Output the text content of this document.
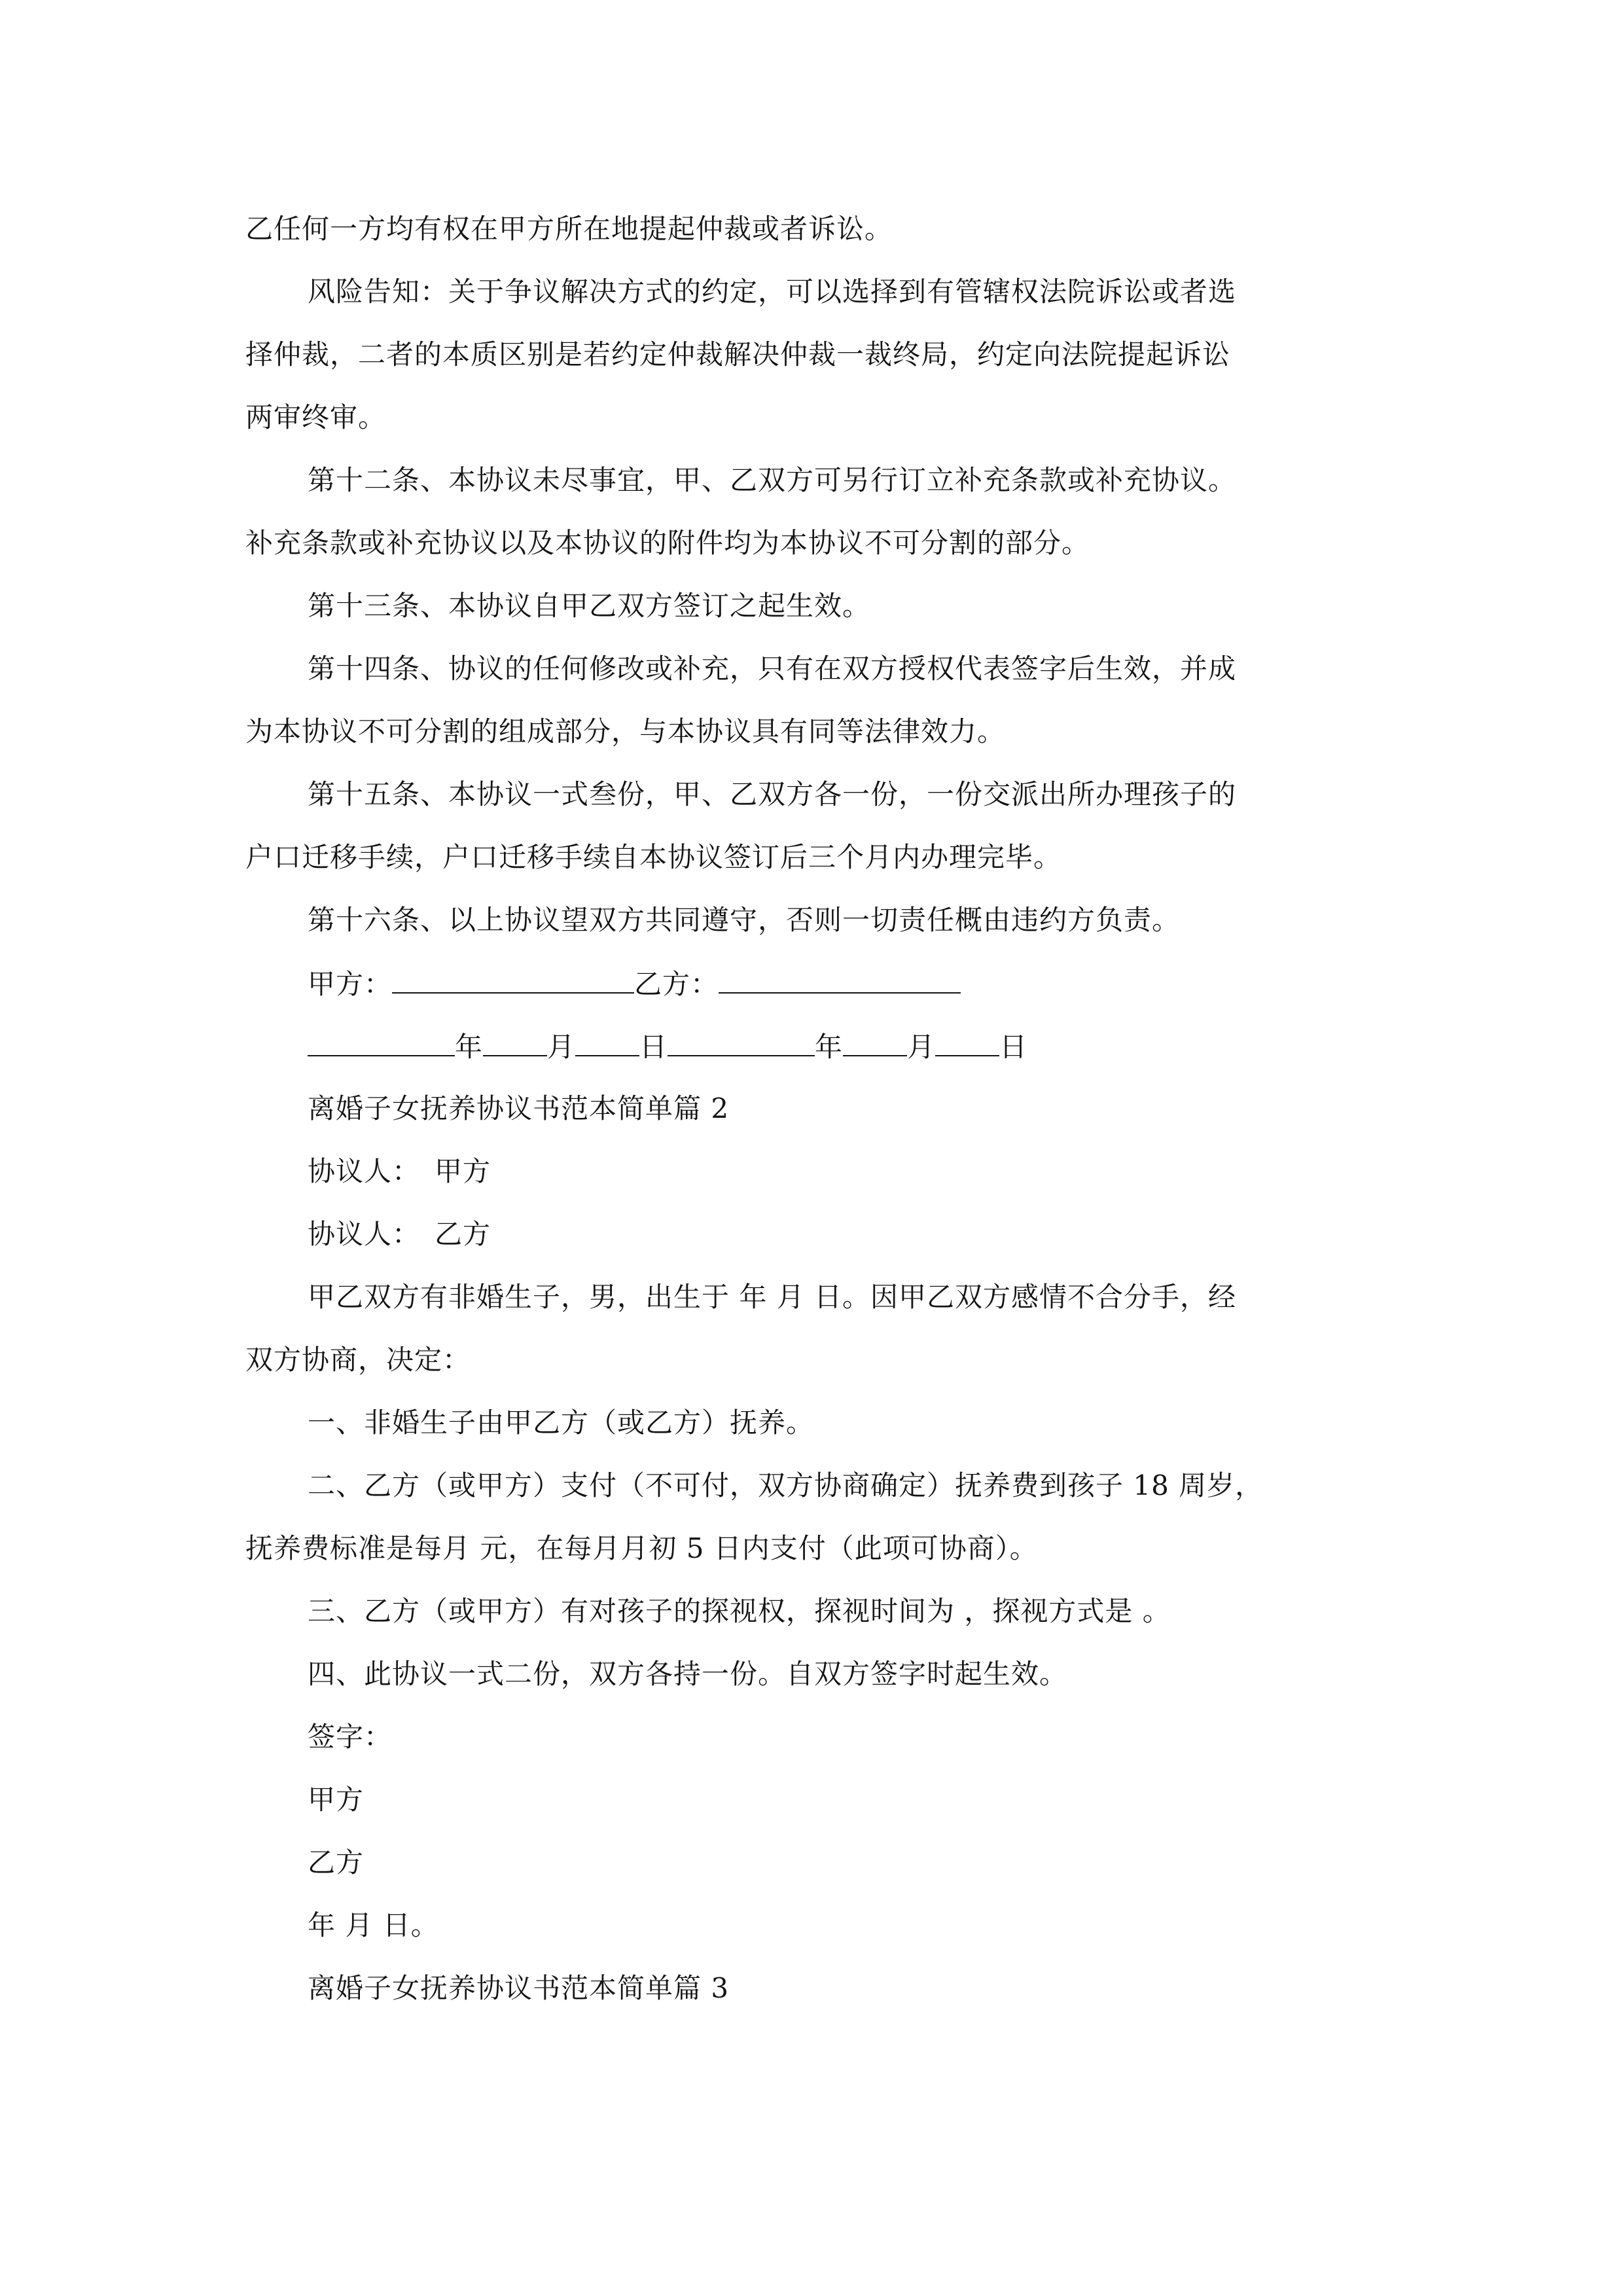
乙任何一方均有权在甲方所在地提起仲裁或者诉讼。

风险告知：关于争议解决方式的约定，可以选择到有管辖权法院诉讼或者选

择仲裁，二者的本质区别是若约定仲裁解决仲裁一裁终局，约定向法院提起诉讼

两审终审。

第十二条、本协议未尽事宜，甲、乙双方可另行订立补充条款或补充协议。

补充条款或补充协议以及本协议的附件均为本协议不可分割的部分。

第十三条、本协议自甲乙双方签订之起生效。

第十四条、协议的任何修改或补充，只有在双方授权代表签字后生效，并成

为本协议不可分割的组成部分，与本协议具有同等法律效力。

第十五条、本协议一式叁份，甲、乙双方各一份，一份交派出所办理孩子的

户口迁移手续，户口迁移手续自本协议签订后三个月内办理完毕。

第十六条、以上协议望双方共同遵守，否则一切责任概由违约方负责。

甲方：	乙方：

年 月 日	年 月 日

离婚子女抚养协议书范本简单篇 2

协议人：　甲方

协议人：　乙方

甲乙双方有非婚生子，男，出生于 年 月 日。因甲乙双方感情不合分手，经

双方协商，决定：

一、非婚生子由甲乙方（或乙方）抚养。

二、乙方（或甲方）支付（不可付，双方协商确定）抚养费到孩子 18 周岁，

抚养费标准是每月 元，在每月月初 5 日内支付（此项可协商）。

三、乙方（或甲方）有对孩子的探视权，探视时间为 ，探视方式是 。

四、此协议一式二份，双方各持一份。自双方签字时起生效。

签字：

甲方

乙方

年 月 日。

离婚子女抚养协议书范本简单篇 3
